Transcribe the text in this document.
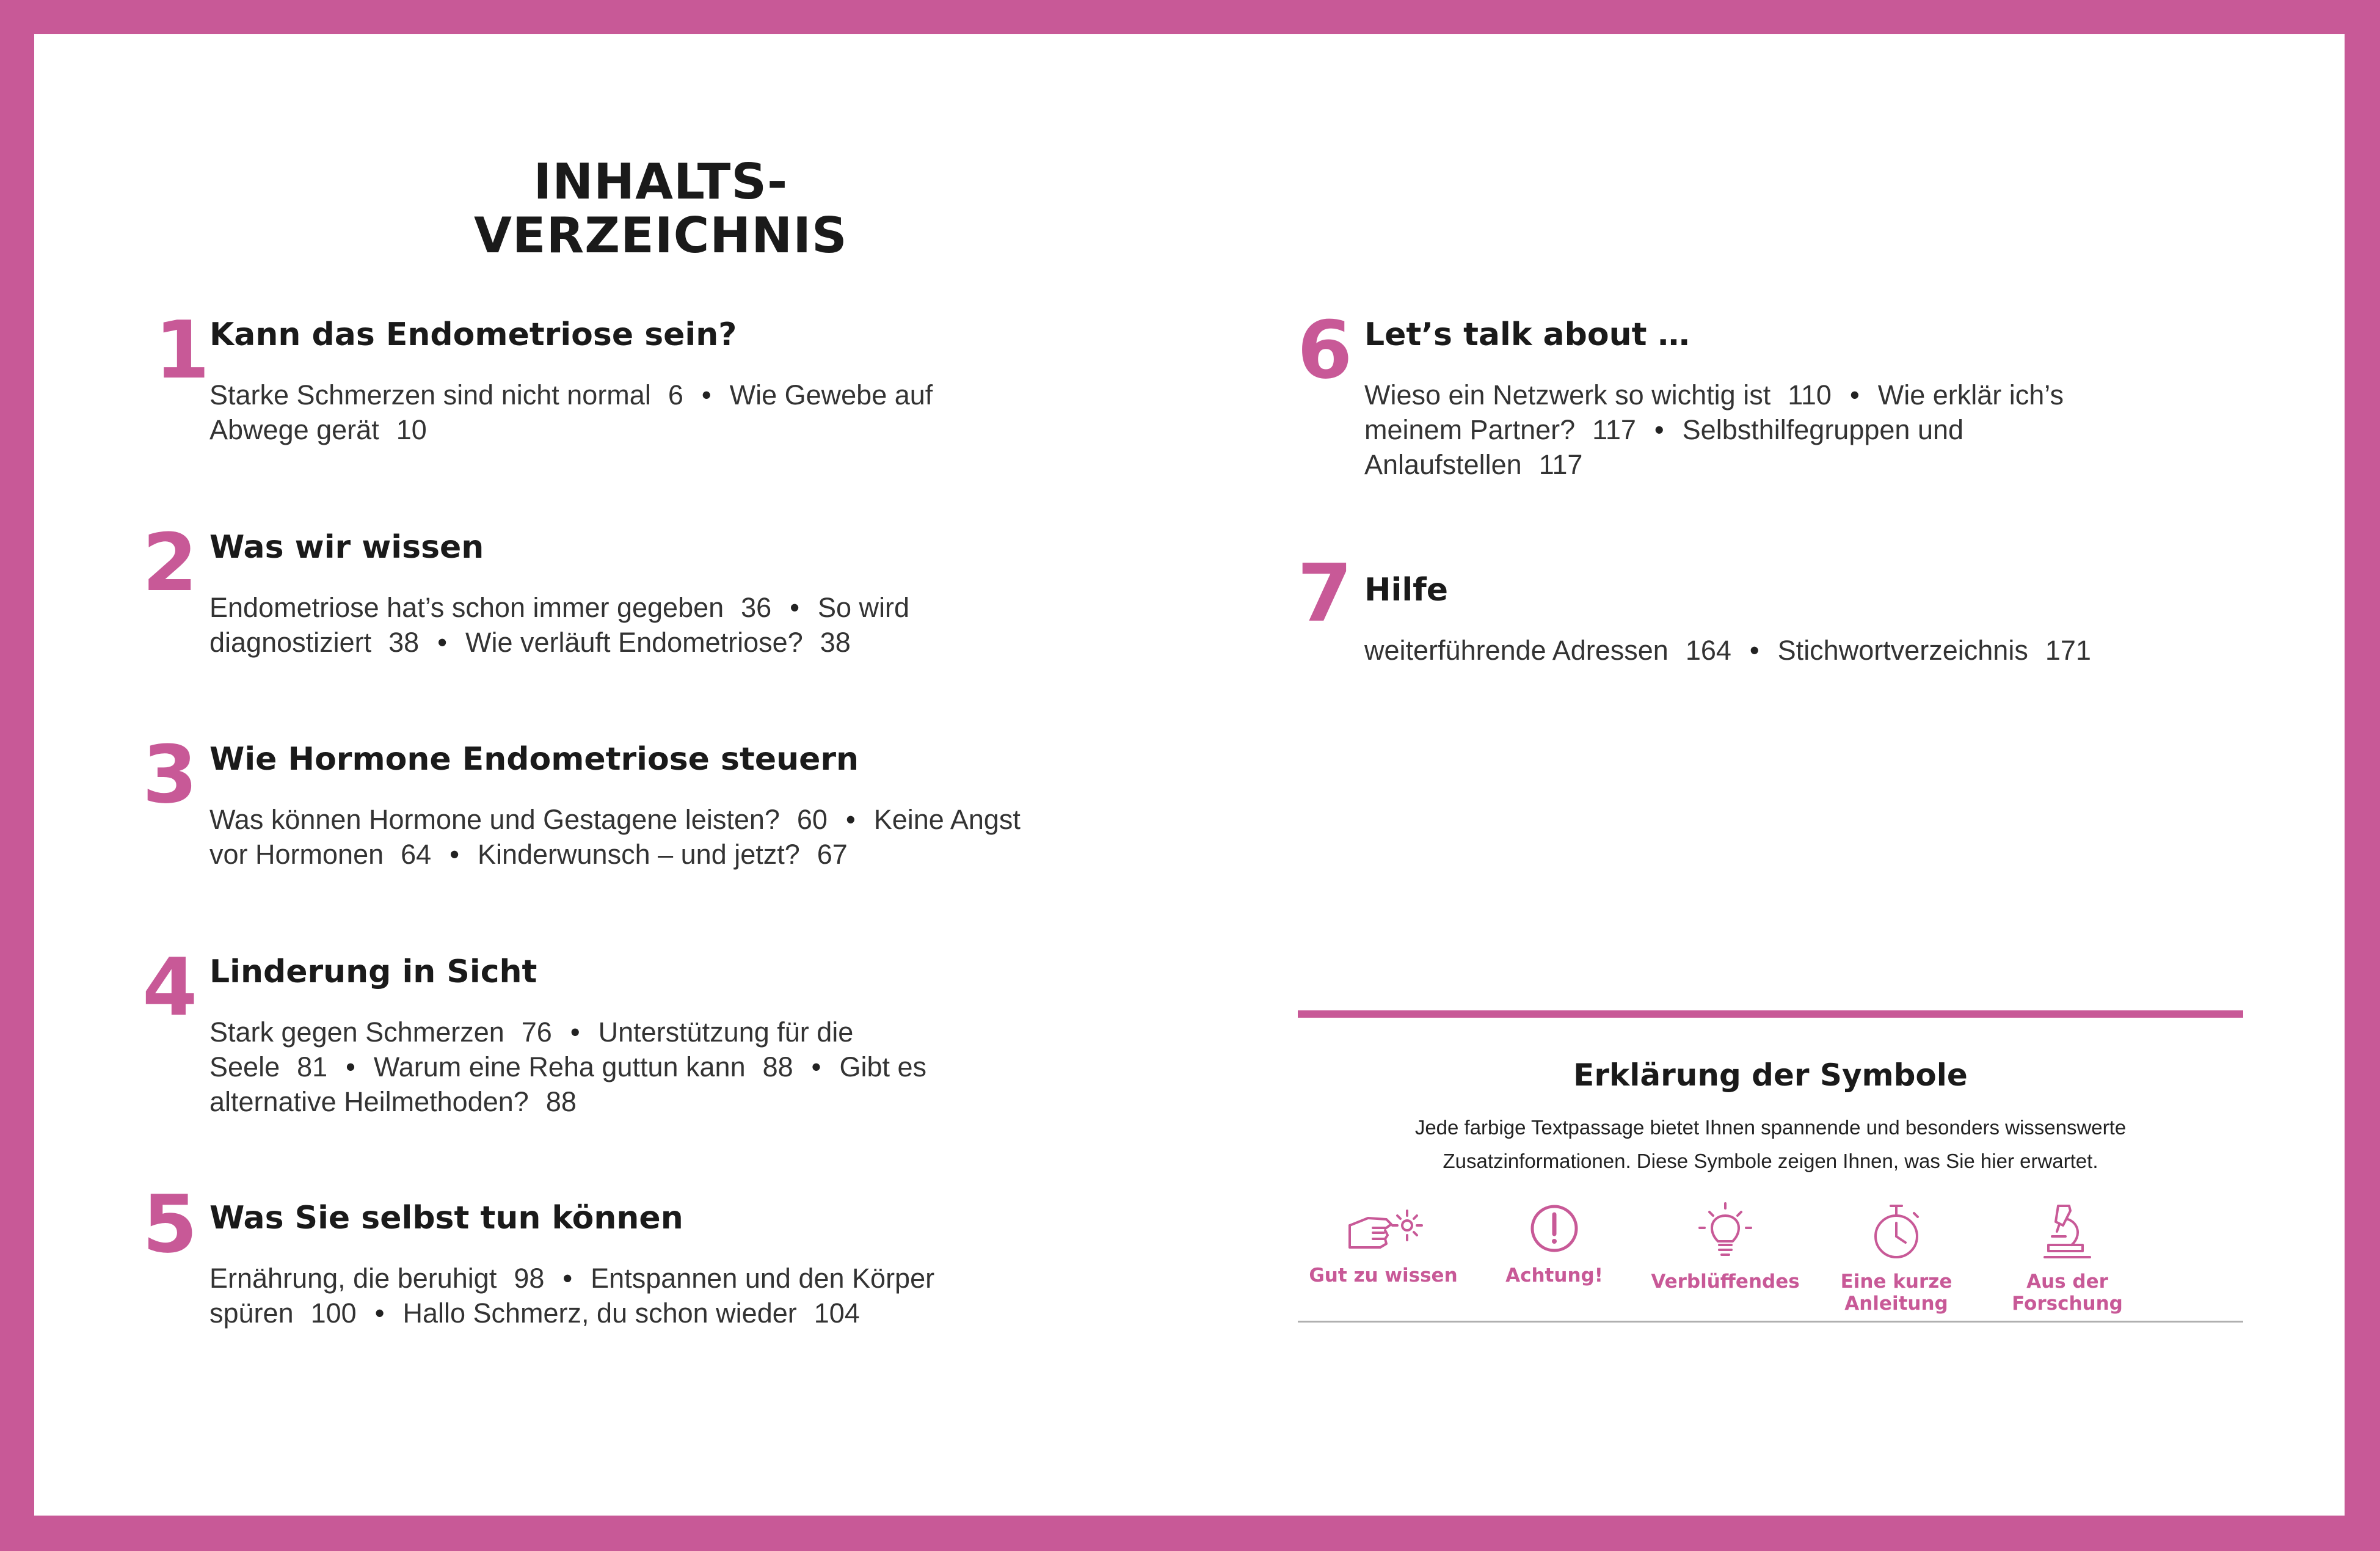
INHALTS-
VERZEICHNIS
1 Kann das Endometriose sein?
Starke Schmerzen sind nicht normal 6 • Wie Gewebe auf Abwege gerät 10
2 Was wir wissen
Endometriose hat’s schon immer gegeben 36 • So wird diagnostiziert 38 • Wie verläuft Endometriose? 38
3 Wie Hormone Endometriose steuern
Was können Hormone und Gestagene leisten? 60 • Keine Angst vor Hormonen 64 • Kinderwunsch – und jetzt? 67
4 Linderung in Sicht
Stark gegen Schmerzen 76 • Unterstützung für die Seele 81 • Warum eine Reha guttun kann 88 • Gibt es alternative Heilmethoden? 88
5 Was Sie selbst tun können
Ernährung, die beruhigt 98 • Entspannen und den Körper spüren 100 • Hallo Schmerz, du schon wieder 104
6 Let’s talk about …
Wieso ein Netzwerk so wichtig ist 110 • Wie erklär ich’s meinem Partner? 117 • Selbsthilfegruppen und Anlaufstellen 117
7 Hilfe
weiterführende Adressen 164 • Stichwortverzeichnis 171
Erklärung der Symbole
Jede farbige Textpassage bietet Ihnen spannende und besonders wissenswerte
Zusatzinformationen. Diese Symbole zeigen Ihnen, was Sie hier erwartet.
Gut zu wissen	Achtung!	Verblüffendes	Eine kurze Anleitung
Aus der Forschung
